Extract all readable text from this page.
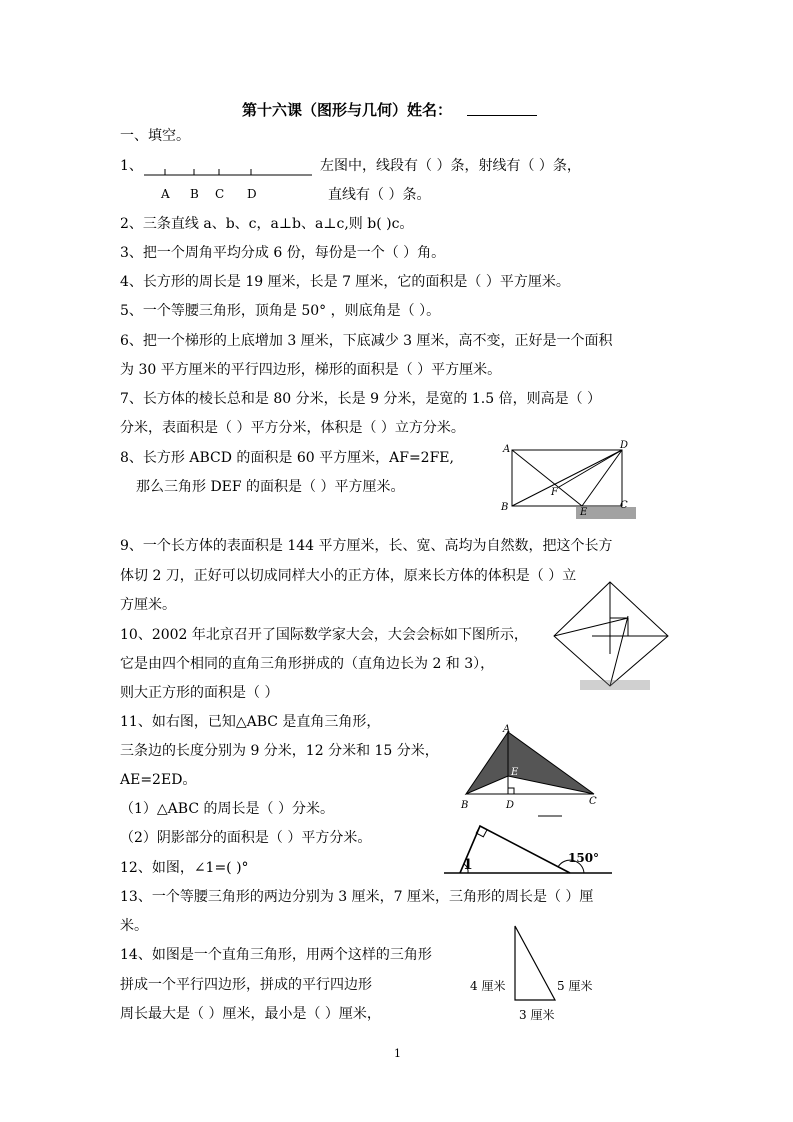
第十六课（图形与几何）姓名：
一、填空。
1、
A B C D
左图中，线段有（ ）条，射线有（ ）条，
直线有（ ）条。
2、三条直线 a、b、c，a⊥b、a⊥c,则 b( )c。
3、把一个周角平均分成 6 份，每份是一个（ ）角。
4、长方形的周长是 19 厘米，长是 7 厘米，它的面积是（ ）平方厘米。
5、一个等腰三角形，顶角是 50° ，则底角是（ ）。
6、把一个梯形的上底增加 3 厘米，下底减少 3 厘米，高不变，正好是一个面积
为 30 平方厘米的平行四边形，梯形的面积是（ ）平方厘米。
7、长方体的棱长总和是 80 分米，长是 9 分米，是宽的 1.5 倍，则高是（ ）
分米，表面积是（ ）平方分米，体积是（ ）立方分米。
8、长方形 ABCD 的面积是 60 平方厘米，AF=2FE,
那么三角形 DEF 的面积是（ ）平方厘米。
A	D
F
B	E
C
9、一个长方体的表面积是 144 平方厘米，长、宽、高均为自然数，把这个长方
体切 2 刀，正好可以切成同样大小的正方体，原来长方体的体积是（ ）立
方厘米。
10、2002 年北京召开了国际数学家大会，大会会标如下图所示，
它是由四个相同的直角三角形拼成的（直角边长为 2 和 3），
则大正方形的面积是（ ）
11、如右图，已知△ABC 是直角三角形，
三条边的长度分别为 9 分米，12 分米和 15 分米，
AE=2ED。
（1）△ABC 的周长是（ ）分米。
（2）阴影部分的面积是（ ）平方分米。
A
E
B	D	C
12、如图，∠1=( )°	1	150°
13、一个等腰三角形的两边分别为 3 厘米，7 厘米，三角形的周长是（ ）厘
米。
14、如图是一个直角三角形，用两个这样的三角形
拼成一个平行四边形，拼成的平行四边形
周长最大是（ ）厘米，最小是（ ）厘米，
4 厘米	5 厘米
3 厘米
1
